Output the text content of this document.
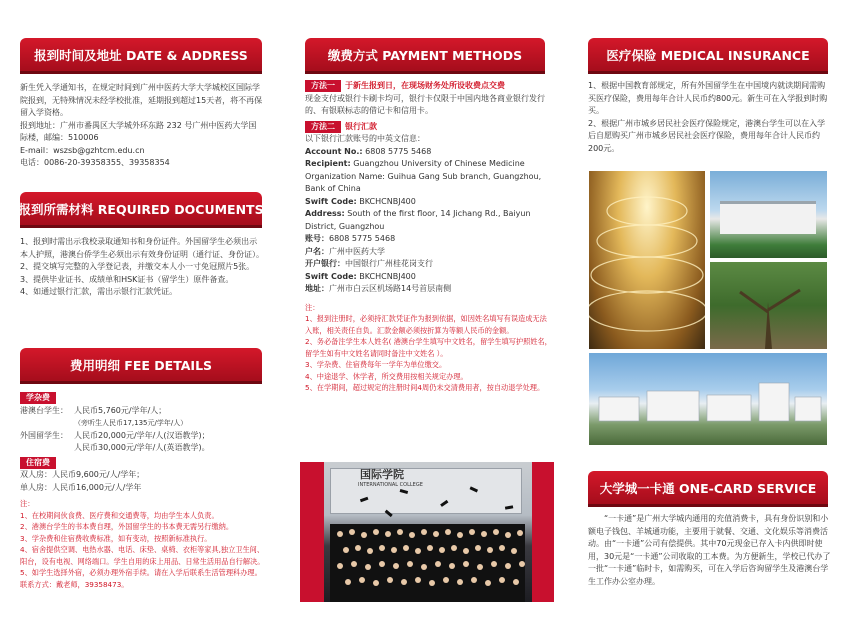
报到时间及地址 DATE & ADDRESS

新生凭入学通知书，在规定时间到广州中医药大学大学城校区国际学院报到，无特殊情况未经学校批准，延期报到超过15天者，将不再保留入学资格。

报到地址：广州市番禺区大学城外环东路 232 号广州中医药大学国际楼，邮编：510006

E-mail：wszsb@gzhtcm.edu.cn

电话：0086-20-39358355、39358354

报到所需材料 REQUIRED DOCUMENTS
1、报到时需出示我校录取通知书和身份证件。外国留学生必须出示本人护照，港澳台侨学生必须出示有效身份证明（通行证、身份证）。
2、提交填写完整的入学登记表，并缴交本人小一寸免冠照片5张。
3、提供毕业证书、成绩单和HSK证书（留学生）原件备查。
4、如通过银行汇款，需出示银行汇款凭证。
费用明细 FEE DETAILS
学杂费
港澳台学生： 人民币5,760元/学年/人；
（旁听生人民币17,135元/学年/人）
外国留学生： 人民币20,000元/学年/人(汉语教学)；
人民币30,000元/学年/人(英语教学)。
住宿费

双人房：人民币9,600元/人/学年；

单人房：人民币16,000元/人/学年

注：

1、在校期间伙食费、医疗费和交通费等，均由学生本人负责。

2、港澳台学生的书本费自理，外国留学生的书本费无需另行缴纳。

3、学杂费和住宿费收费标准，如有变动，按照新标准执行。

4、宿舍提供空调、电热水器、电话、床垫、桌椅、衣柜等家具,独立卫生间、阳台，设有电视、网络端口。学生自用的床上用品、日常生活用品自行解决。

5、如学生选择外宿，必须办理外宿手续。请在入学后联系生活管理科办理。联系方式：戴老师，39358473。

缴费方式 PAYMENT METHODS

方法一 于新生报到日，在现场财务处所设收费点交费

现金支付或银行卡刷卡均可，银行卡仅限于中国内地各商业银行发行的、有银联标志的借记卡和信用卡。

方法二 银行汇款

以下银行汇款账号的中英文信息：

Account No.: 6808 5775 5468

Recipient: Guangzhou University of Chinese Medicine

Organization Name: Guihua Gang Sub branch, Guangzhou, Bank of China

Swift Code: BKCHCNBJ400

Address: South of the first floor, 14 Jichang Rd., Baiyun District, Guangzhou

账号：6808 5775 5468

户名：广州中医药大学

开户银行：中国银行广州桂花岗支行

Swift Code: BKCHCNBJ400

地址：广州市白云区机场路14号首层南侧

注：

1、报到注册时，必须持汇款凭证作为报到依据，如因姓名填写有误造成无法入账，相关责任自负。汇款金额必须按折算为等额人民币的金额。

2、务必备注学生本人姓名( 港澳台学生填写中文姓名，留学生填写护照姓名，留学生如有中文姓名请同时备注中文姓名 ）。

3、学杂费、住宿费每年一学年为单位缴交。

4、中途退学、休学者，所交费用按相关规定办理。

5、在学期间，超过规定的注册时间4周仍未交清费用者，按自动退学处理。

国际学院
INTERNATIONAL COLLEGE
医疗保险 MEDICAL INSURANCE
1、根据中国教育部规定，所有外国留学生在中国境内就读期间需购买医疗保险，费用每年合计人民币约800元。新生可在入学报到时购买。
2、根据广州市城乡居民社会医疗保险规定，港澳台学生可以在入学后自愿购买广州市城乡居民社会医疗保险，费用每年合计人民币约200元。
大学城一卡通 ONE-CARD SERVICE
“一卡通”是广州大学城内通用的充值消费卡，具有身份识别和小额电子钱包、羊城通功能，主要用于就餐、交通、文化娱乐等消费活动。由“一卡通”公司有偿提供。其中70元现金已存入卡内供即时使用，30元是“一卡通”公司收取的工本费。为方便新生，学校已代办了一批“一卡通”临时卡，如需购买，可在入学后咨询留学生及港澳台学生工作办公室办理。
